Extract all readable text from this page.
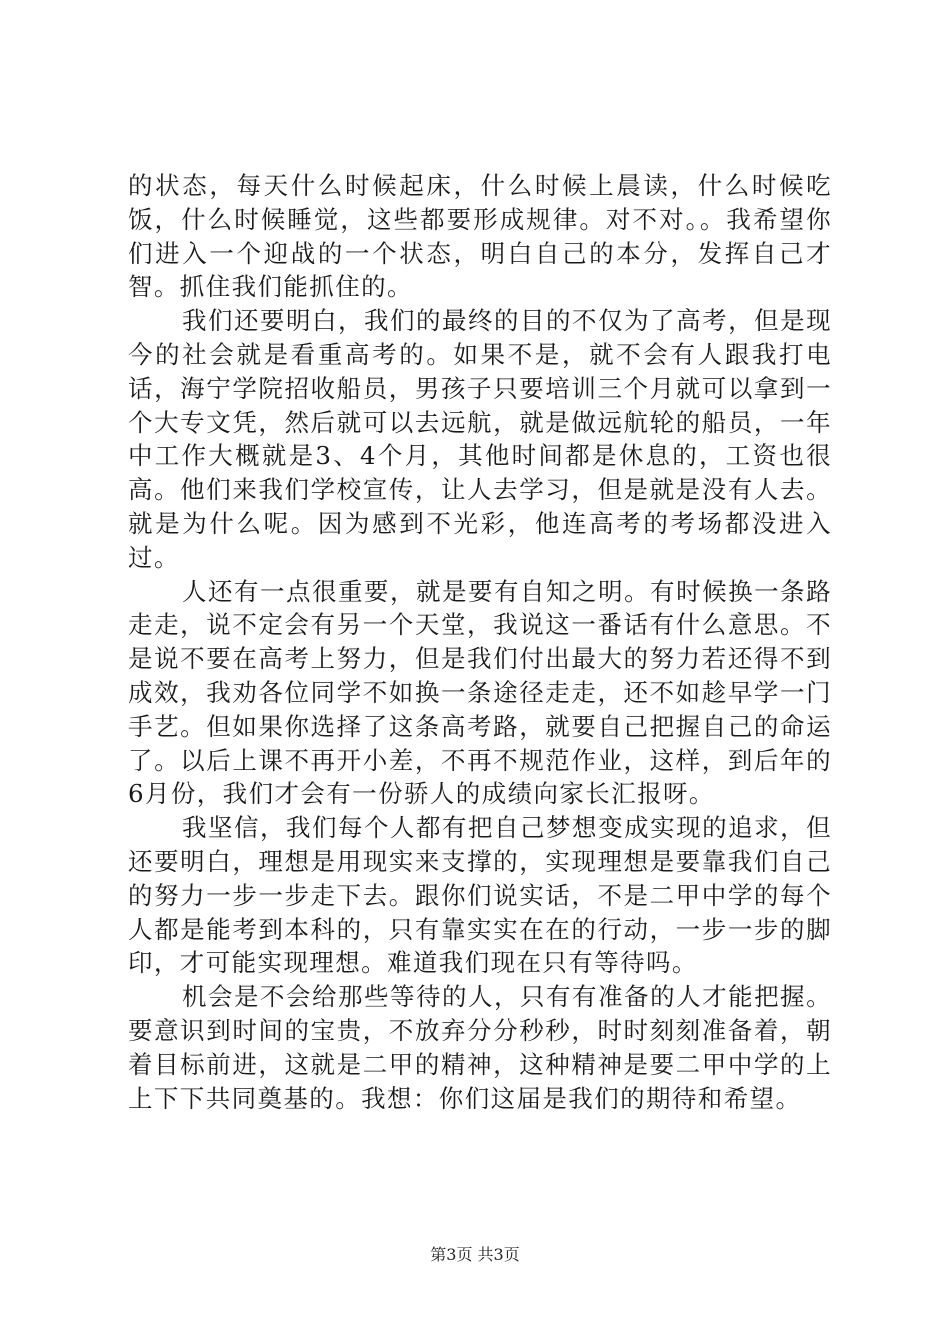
的状态，每天什么时候起床，什么时候上晨读，什么时候吃饭，什么时候睡觉，这些都要形成规律。对不对。。我希望你们进入一个迎战的一个状态，明白自己的本分，发挥自己才智。抓住我们能抓住的。

我们还要明白，我们的最终的目的不仅为了高考，但是现今的社会就是看重高考的。如果不是，就不会有人跟我打电话，海宁学院招收船员，男孩子只要培训三个月就可以拿到一个大专文凭，然后就可以去远航，就是做远航轮的船员，一年中工作大概就是3、4个月，其他时间都是休息的，工资也很高。他们来我们学校宣传，让人去学习，但是就是没有人去。就是为什么呢。因为感到不光彩，他连高考的考场都没进入过。

人还有一点很重要，就是要有自知之明。有时候换一条路走走，说不定会有另一个天堂，我说这一番话有什么意思。不是说不要在高考上努力，但是我们付出最大的努力若还得不到成效，我劝各位同学不如换一条途径走走，还不如趁早学一门手艺。但如果你选择了这条高考路，就要自己把握自己的命运了。以后上课不再开小差，不再不规范作业，这样，到后年的6月份，我们才会有一份骄人的成绩向家长汇报呀。

我坚信，我们每个人都有把自己梦想变成实现的追求，但还要明白，理想是用现实来支撑的，实现理想是要靠我们自己的努力一步一步走下去。跟你们说实话，不是二甲中学的每个人都是能考到本科的，只有靠实实在在的行动，一步一步的脚印，才可能实现理想。难道我们现在只有等待吗。

机会是不会给那些等待的人，只有有准备的人才能把握。要意识到时间的宝贵，不放弃分分秒秒，时时刻刻准备着，朝着目标前进，这就是二甲的精神，这种精神是要二甲中学的上上下下共同奠基的。我想：你们这届是我们的期待和希望。

第3页 共3页
